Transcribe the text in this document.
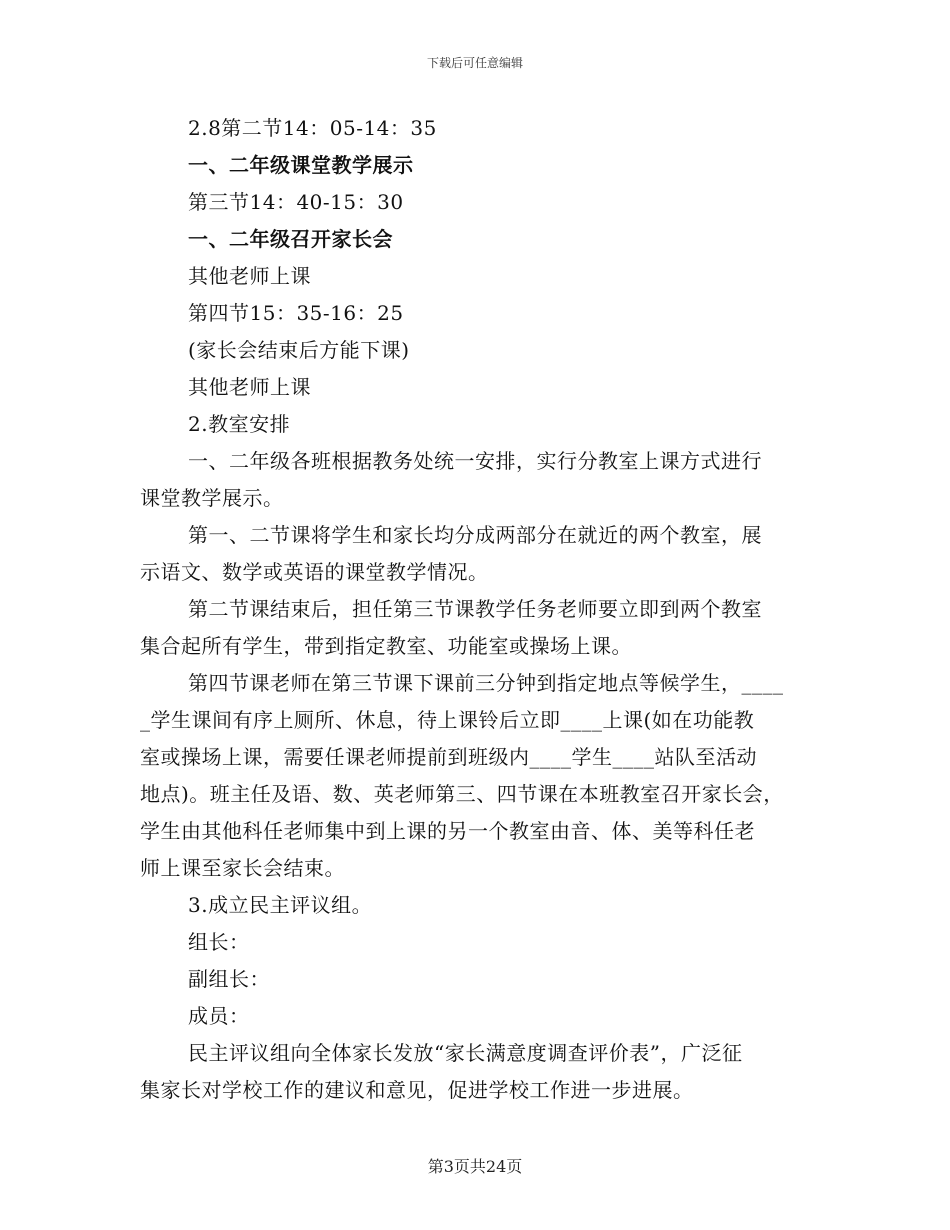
下载后可任意编辑
2.8第二节14：05-14：35
一、二年级课堂教学展示
第三节14：40-15：30
一、二年级召开家长会
其他老师上课
第四节15：35-16：25
(家长会结束后方能下课)
其他老师上课
2.教室安排
一、二年级各班根据教务处统一安排，实行分教室上课方式进行
课堂教学展示。
第一、二节课将学生和家长均分成两部分在就近的两个教室，展
示语文、数学或英语的课堂教学情况。
第二节课结束后，担任第三节课教学任务老师要立即到两个教室
集合起所有学生，带到指定教室、功能室或操场上课。
第四节课老师在第三节课下课前三分钟到指定地点等候学生，____
_学生课间有序上厕所、休息，待上课铃后立即____上课(如在功能教
室或操场上课，需要任课老师提前到班级内____学生____站队至活动
地点)。班主任及语、数、英老师第三、四节课在本班教室召开家长会，
学生由其他科任老师集中到上课的另一个教室由音、体、美等科任老
师上课至家长会结束。
3.成立民主评议组。
组长：
副组长：
成员：
民主评议组向全体家长发放“家长满意度调查评价表”，广泛征
集家长对学校工作的建议和意见，促进学校工作进一步进展。
第3页共24页
